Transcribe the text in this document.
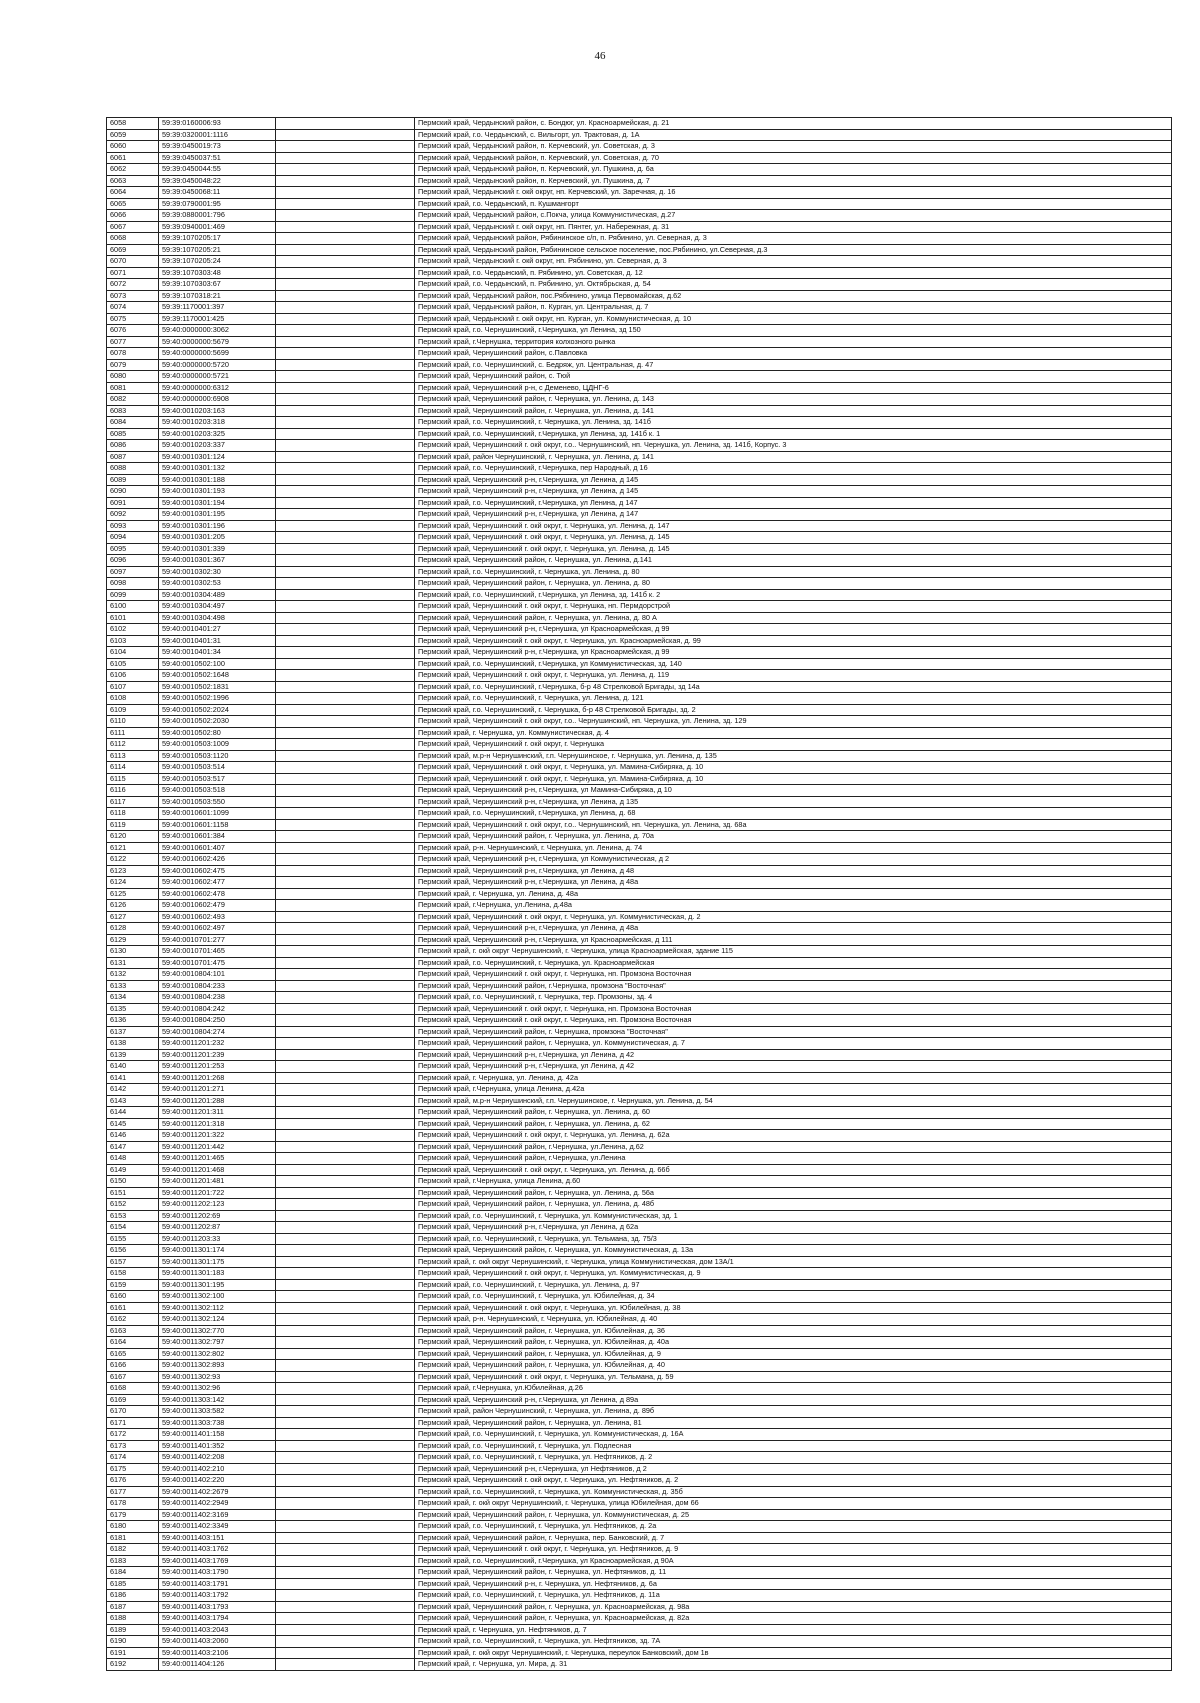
46
6058	59:39:0160006:93		Пермский край, Чердынский район, с. Бондюг, ул. Красноармейская, д. 21
6059	59:39:0320001:1116		Пермский край, г.о. Чердынский, с. Вильгорт, ул. Трактовая, д. 1А
6060	59:39:0450019:73		Пермский край, Чердынский район, п. Керчевский, ул. Советская, д. 3
6061	59:39:0450037:51		Пермский край, Чердынский район, п. Керчевский, ул. Советская, д. 70
6062	59:39:0450044:55		Пермский край, Чердынский район, п. Керчевский, ул. Пушкина, д. 6а
6063	59:39:0450048:22		Пермский край, Чердынский район, п. Керчевский, ул. Пушкина, д. 7
6064	59:39:0450068:11		Пермский край, Чердынский г. окй округ, нп. Керчевский, ул. Заречная, д. 16
6065	59:39:0790001:95		Пермский край, г.о. Чердынский, п. Кушмангорт
6066	59:39:0880001:796		Пермский край, Чердынский район, с.Покча, улица Коммунистическая, д.27
6067	59:39:0940001:469		Пермский край, Чердынский г. окй округ, нп. Пянтег, ул. Набережная, д. 31
6068	59:39:1070205:17		Пермский край, Чердынский район, Рябининское с/п, п. Рябинино, ул. Северная, д. 3
6069	59:39:1070205:21		Пермский край, Чердынский район, Рябининское сельское поселение, пос.Рябинино, ул.Северная, д.3
6070	59:39:1070205:24		Пермский край, Чердынский г. окй округ, нп. Рябинино, ул. Северная, д. 3
6071	59:39:1070303:48		Пермский край, г.о. Чердынский, п. Рябинино, ул. Советская, д. 12
6072	59:39:1070303:67		Пермский край, г.о. Чердынский, п. Рябинино, ул. Октябрьская, д. 54
6073	59:39:1070318:21		Пермский край, Чердынский район, пос.Рябинино, улица Первомайская, д.62
6074	59:39:1170001:397		Пермский край, Чердынский район, п. Курган, ул. Центральная, д. 7
6075	59:39:1170001:425		Пермский край, Чердынский г. окй округ, нп. Курган, ул. Коммунистическая, д. 10
6076	59:40:0000000:3062		Пермский край, г.о. Чернушинский, г.Чернушка, ул Ленина, зд 150
6077	59:40:0000000:5679		Пермский край, г.Чернушка, территория колхозного рынка
6078	59:40:0000000:5699		Пермский край, Чернушинский район, с.Павловка
6079	59:40:0000000:5720		Пермский край, г.о. Чернушинский, с. Бедряж, ул. Центральная, д. 47
6080	59:40:0000000:5721		Пермский край, Чернушинский район, с. Тюй
6081	59:40:0000000:6312		Пермский край, Чернушинский р-н, с Деменево, ЦДНГ-6
6082	59:40:0000000:6908		Пермский край, Чернушинский район, г. Чернушка, ул. Ленина, д. 143
6083	59:40:0010203:163		Пермский край, Чернушинский район, г. Чернушка, ул. Ленина, д. 141
6084	59:40:0010203:318		Пермский край, г.о. Чернушинский, г. Чернушка, ул. Ленина, зд. 141б
6085	59:40:0010203:325		Пермский край, г.о. Чернушинский, г.Чернушка, ул Ленина, зд. 141б к. 1
6086	59:40:0010203:337		Пермский край, Чернушинский г. окй округ, г.о.. Чернушинский, нп. Чернушка, ул. Ленина, зд. 141б, Корпус. 3
6087	59:40:0010301:124		Пермский край, район Чернушинский, г. Чернушка, ул. Ленина, д. 141
6088	59:40:0010301:132		Пермский край, г.о. Чернушинский, г.Чернушка, пер Народный, д 16
6089	59:40:0010301:188		Пермский край, Чернушинский р-н, г.Чернушка, ул Ленина, д 145
6090	59:40:0010301:193		Пермский край, Чернушинский р-н, г.Чернушка, ул Ленина, д 145
6091	59:40:0010301:194		Пермский край, г.о. Чернушинский, г.Чернушка, ул Ленина, д 147
6092	59:40:0010301:195		Пермский край, Чернушинский р-н, г.Чернушка, ул Ленина, д 147
6093	59:40:0010301:196		Пермский край, Чернушинский г. окй округ, г. Чернушка, ул. Ленина, д. 147
6094	59:40:0010301:205		Пермский край, Чернушинский г. окй округ, г. Чернушка, ул. Ленина, д. 145
6095	59:40:0010301:339		Пермский край, Чернушинский г. окй округ, г. Чернушка, ул. Ленина, д. 145
6096	59:40:0010301:367		Пермский край, Чернушинский район, г. Чернушка, ул. Ленина, д.141
6097	59:40:0010302:30		Пермский край, г.о. Чернушинский, г. Чернушка, ул. Ленина, д. 80
6098	59:40:0010302:53		Пермский край, Чернушинский район, г. Чернушка, ул. Ленина, д. 80
6099	59:40:0010304:489		Пермский край, г.о. Чернушинский, г.Чернушка, ул Ленина, зд. 141б к. 2
6100	59:40:0010304:497		Пермский край, Чернушинский г. окй округ, г. Чернушка, нп. Пермдорстрой
6101	59:40:0010304:498		Пермский край, Чернушинский район, г. Чернушка, ул. Ленина, д. 80 А
6102	59:40:0010401:27		Пермский край, Чернушинский р-н, г.Чернушка, ул Красноармейская, д 99
6103	59:40:0010401:31		Пермский край, Чернушинский г. окй округ, г. Чернушка, ул. Красноармейская, д. 99
6104	59:40:0010401:34		Пермский край, Чернушинский р-н, г.Чернушка, ул Красноармейская, д 99
6105	59:40:0010502:100		Пермский край, г.о. Чернушинский, г.Чернушка, ул Коммунистическая, зд. 140
6106	59:40:0010502:1648		Пермский край, Чернушинский г. окй округ, г. Чернушка, ул. Ленина, д. 119
6107	59:40:0010502:1831		Пермский край, г.о. Чернушинский, г.Чернушка, б-р 48 Стрелковой Бригады, зд 14а
6108	59:40:0010502:1996		Пермский край, г.о. Чернушинский, г. Чернушка, ул. Ленина, д. 121
6109	59:40:0010502:2024		Пермский край, г.о. Чернушинский, г. Чернушка, б-р 48 Стрелковой Бригады, зд. 2
6110	59:40:0010502:2030		Пермский край, Чернушинский г. окй округ, г.о.. Чернушинский, нп. Чернушка, ул. Ленина, зд. 129
6111	59:40:0010502:80		Пермский край, г. Чернушка, ул. Коммунистическая, д. 4
6112	59:40:0010503:1009		Пермский край, Чернушинский г. окй округ, г. Чернушка
6113	59:40:0010503:1120		Пермский край, м.р-н Чернушинский, г.п. Чернушинское, г. Чернушка, ул. Ленина, д. 135
6114	59:40:0010503:514		Пермский край, Чернушинский г. окй округ, г. Чернушка, ул. Мамина-Сибиряка, д. 10
6115	59:40:0010503:517		Пермский край, Чернушинский г. окй округ, г. Чернушка, ул. Мамина-Сибиряка, д. 10
6116	59:40:0010503:518		Пермский край, Чернушинский р-н, г.Чернушка, ул Мамина-Сибиряка, д 10
6117	59:40:0010503:550		Пермский край, Чернушинский р-н, г.Чернушка, ул Ленина, д 135
6118	59:40:0010601:1099		Пермский край, г.о. Чернушинский, г.Чернушка, ул Ленина, д. 68
6119	59:40:0010601:1158		Пермский край, Чернушинский г. окй округ, г.о.. Чернушинский, нп. Чернушка, ул. Ленина, зд. 68а
6120	59:40:0010601:384		Пермский край, Чернушинский район, г. Чернушка, ул. Ленина, д. 70а
6121	59:40:0010601:407		Пермский край, р-н. Чернушинский, г. Чернушка, ул. Ленина, д. 74
6122	59:40:0010602:426		Пермский край, Чернушинский р-н, г.Чернушка, ул Коммунистическая, д 2
6123	59:40:0010602:475		Пермский край, Чернушинский р-н, г.Чернушка, ул Ленина, д 48
6124	59:40:0010602:477		Пермский край, Чернушинский р-н, г.Чернушка, ул Ленина, д 48а
6125	59:40:0010602:478		Пермский край, г. Чернушка, ул. Ленина, д. 48а
6126	59:40:0010602:479		Пермский край, г.Чернушка, ул.Ленина, д.48а
6127	59:40:0010602:493		Пермский край, Чернушинский г. окй округ, г. Чернушка, ул. Коммунистическая, д. 2
6128	59:40:0010602:497		Пермский край, Чернушинский р-н, г.Чернушка, ул Ленина, д 48а
6129	59:40:0010701:277		Пермский край, Чернушинский р-н, г.Чернушка, ул Красноармейская, д 111
6130	59:40:0010701:465		Пермский край, г. окй округ Чернушинский, г. Чернушка, улица Красноармейская, здание 115
6131	59:40:0010701:475		Пермский край, г.о. Чернушинский, г. Чернушка, ул. Красноармейская
6132	59:40:0010804:101		Пермский край, Чернушинский г. окй округ, г. Чернушка, нп. Промзона Восточная
6133	59:40:0010804:233		Пермский край, Чернушинский район, г.Чернушка, промзона "Восточная"
6134	59:40:0010804:238		Пермский край, г.о. Чернушинский, г. Чернушка, тер. Промзоны, зд. 4
6135	59:40:0010804:242		Пермский край, Чернушинский г. окй округ, г. Чернушка, нп. Промзона Восточная
6136	59:40:0010804:250		Пермский край, Чернушинский г. окй округ, г. Чернушка, нп. Промзона Восточная
6137	59:40:0010804:274		Пермский край, Чернушинский район, г. Чернушка, промзона "Восточная"
6138	59:40:0011201:232		Пермский край, Чернушинский район, г. Чернушка, ул. Коммунистическая, д. 7
6139	59:40:0011201:239		Пермский край, Чернушинский р-н, г.Чернушка, ул Ленина, д 42
6140	59:40:0011201:253		Пермский край, Чернушинский р-н, г.Чернушка, ул Ленина, д 42
6141	59:40:0011201:268		Пермский край, г. Чернушка, ул. Ленина, д. 42а
6142	59:40:0011201:271		Пермский край, г.Чернушка, улица Ленина, д.42а
6143	59:40:0011201:288		Пермский край, м.р-н Чернушинский, г.п. Чернушинское, г. Чернушка, ул. Ленина, д. 54
6144	59:40:0011201:311		Пермский край, Чернушинский район, г. Чернушка, ул. Ленина, д. 60
6145	59:40:0011201:318		Пермский край, Чернушинский район, г. Чернушка, ул. Ленина, д. 62
6146	59:40:0011201:322		Пермский край, Чернушинский г. окй округ, г. Чернушка, ул. Ленина, д. 62а
6147	59:40:0011201:442		Пермский край, Чернушинский район, г.Чернушка, ул.Ленина, д.62
6148	59:40:0011201:465		Пермский край, Чернушинский район, г.Чернушка, ул.Ленина
6149	59:40:0011201:468		Пермский край, Чернушинский г. окй округ, г. Чернушка, ул. Ленина, д. 66б
6150	59:40:0011201:481		Пермский край, г.Чернушка, улица Ленина, д.60
6151	59:40:0011201:722		Пермский край, Чернушинский район, г. Чернушка, ул. Ленина, д. 56а
6152	59:40:0011202:123		Пермский край, Чернушинский район, г. Чернушка, ул. Ленина, д. 48б
6153	59:40:0011202:69		Пермский край, г.о. Чернушинский, г. Чернушка, ул. Коммунистическая, зд. 1
6154	59:40:0011202:87		Пермский край, Чернушинский р-н, г.Чернушка, ул Ленина, д 62а
6155	59:40:0011203:33		Пермский край, г.о. Чернушинский, г. Чернушка, ул. Тельмана, зд. 75/3
6156	59:40:0011301:174		Пермский край, Чернушинский район, г. Чернушка, ул. Коммунистическая, д. 13а
6157	59:40:0011301:175		Пермский край, г. окй округ Чернушинский, г. Чернушка, улица Коммунистическая, дом 13А/1
6158	59:40:0011301:183		Пермский край, Чернушинский г. окй округ, г. Чернушка, ул. Коммунистическая, д. 9
6159	59:40:0011301:195		Пермский край, г.о. Чернушинский, г. Чернушка, ул. Ленина, д. 97
6160	59:40:0011302:100		Пермский край, г.о. Чернушинский, г. Чернушка, ул. Юбилейная, д. 34
6161	59:40:0011302:112		Пермский край, Чернушинский г. окй округ, г. Чернушка, ул. Юбилейная, д. 38
6162	59:40:0011302:124		Пермский край, р-н. Чернушинский, г. Чернушка, ул. Юбилейная, д. 40
6163	59:40:0011302:770		Пермский край, Чернушинский район, г. Чернушка, ул. Юбилейная, д. 36
6164	59:40:0011302:797		Пермский край, Чернушинский район, г. Чернушка, ул. Юбилейная, д. 40а
6165	59:40:0011302:802		Пермский край, Чернушинский район, г. Чернушка, ул. Юбилейная, д. 9
6166	59:40:0011302:893		Пермский край, Чернушинский район, г. Чернушка, ул. Юбилейная, д. 40
6167	59:40:0011302:93		Пермский край, Чернушинский г. окй округ, г. Чернушка, ул. Тельмана, д. 59
6168	59:40:0011302:96		Пермский край, г.Чернушка, ул.Юбилейная, д.26
6169	59:40:0011303:142		Пермский край, Чернушинский р-н, г.Чернушка, ул Ленина, д 89а
6170	59:40:0011303:582		Пермский край, район Чернушинский, г. Чернушка, ул. Ленина, д. 89б
6171	59:40:0011303:738		Пермский край, Чернушинский район, г. Чернушка, ул. Ленина, 81
6172	59:40:0011401:158		Пермский край, г.о. Чернушинский, г. Чернушка, ул. Коммунистическая, д. 16А
6173	59:40:0011401:352		Пермский край, г.о. Чернушинский, г. Чернушка, ул. Подлесная
6174	59:40:0011402:208		Пермский край, г.о. Чернушинский, г. Чернушка, ул. Нефтяников, д. 2
6175	59:40:0011402:210		Пермский край, Чернушинский р-н, г.Чернушка, ул Нефтяников, д 2
6176	59:40:0011402:220		Пермский край, Чернушинский г. окй округ, г. Чернушка, ул. Нефтяников, д. 2
6177	59:40:0011402:2679		Пермский край, г.о. Чернушинский, г. Чернушка, ул. Коммунистическая, д. 35б
6178	59:40:0011402:2949		Пермский край, г. окй округ Чернушинский, г. Чернушка, улица Юбилейная, дом 66
6179	59:40:0011402:3169		Пермский край, Чернушинский район, г. Чернушка, ул. Коммунистическая, д. 25
6180	59:40:0011402:3349		Пермский край, г.о. Чернушинский, г. Чернушка, ул. Нефтяников, д. 2а
6181	59:40:0011403:151		Пермский край, Чернушинский район, г. Чернушка, пер. Банковский, д. 7
6182	59:40:0011403:1762		Пермский край, Чернушинский г. окй округ, г. Чернушка, ул. Нефтяников, д. 9
6183	59:40:0011403:1769		Пермский край, г.о. Чернушинский, г.Чернушка, ул Красноармейская, д 90А
6184	59:40:0011403:1790		Пермский край, Чернушинский район, г. Чернушка, ул. Нефтяников, д. 11
6185	59:40:0011403:1791		Пермский край, Чернушинский р-н, г. Чернушка, ул. Нефтяников, д. 6а
6186	59:40:0011403:1792		Пермский край, г.о. Чернушинский, г. Чернушка, ул. Нефтяников, д. 11а
6187	59:40:0011403:1793		Пермский край, Чернушинский район, г. Чернушка, ул. Красноармейская, д. 98а
6188	59:40:0011403:1794		Пермский край, Чернушинский район, г. Чернушка, ул. Красноармейская, д. 82а
6189	59:40:0011403:2043		Пермский край, г. Чернушка, ул. Нефтяников, д. 7
6190	59:40:0011403:2060		Пермский край, г.о. Чернушинский, г. Чернушка, ул. Нефтяников, зд. 7А
6191	59:40:0011403:2106		Пермский край, г. окй округ Чернушинский, г. Чернушка, переулок Банковский, дом 1в
6192	59:40:0011404:126		Пермский край, г. Чернушка, ул. Мира, д. 31
